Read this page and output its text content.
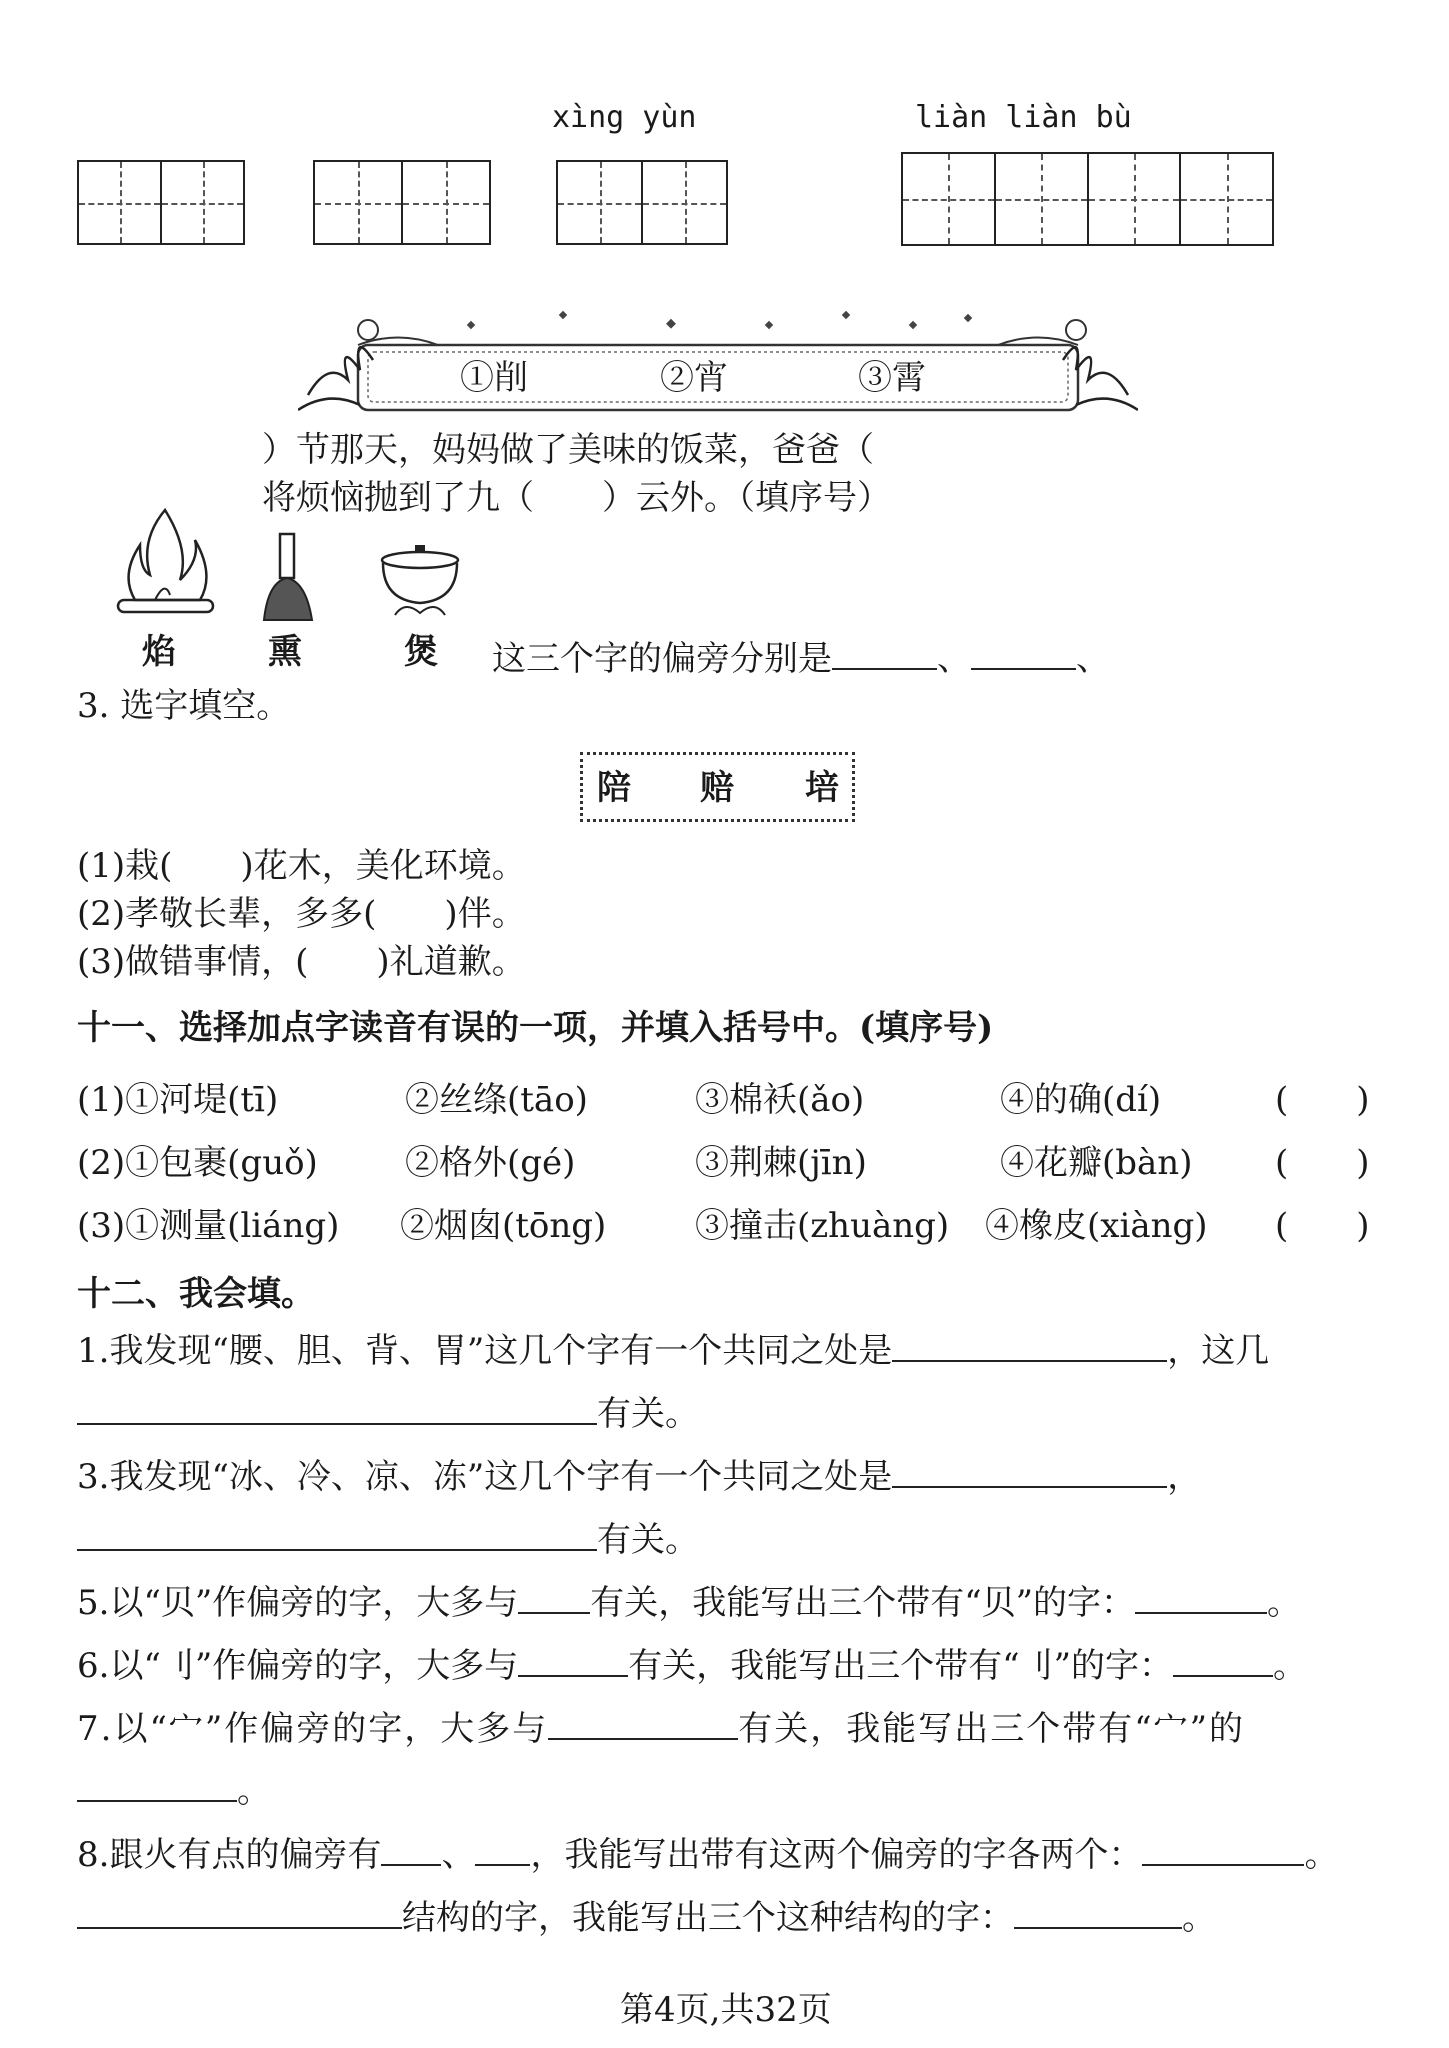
xìng yùn	liàn liàn bù
①削	②宵	③霄
）节那天，妈妈做了美味的饭菜，爸爸（
将烦恼抛到了九（　　）云外。（填序号）
焰	熏	煲 这三个字的偏旁分别是	、	、
3. 选字填空。
陪 赔 培
(1)栽(　　)花木，美化环境。
(2)孝敬长辈，多多(　　)伴。
(3)做错事情，(　　)礼道歉。
十一、选择加点字读音有误的一项，并填入括号中。(填序号)
(1)①河堤(tī)	②丝绦(tāo)	③棉袄(ǎo)	④的确(dí)	(　　)
(2)①包裹(guǒ)	②格外(gé)	③荆棘(jīn)	④花瓣(bàn) (　　)
(3)①测量(liáng) ②烟囱(tōng)	③撞击(zhuàng) ④橡皮(xiàng) (　　)
十二、我会填。
1.我发现“腰、胆、背、胃”这几个字有一个共同之处是	，这几
有关。
3.我发现“冰、冷、凉、冻”这几个字有一个共同之处是	，
有关。
5.以“贝”作偏旁的字，大多与 有关，我能写出三个带有“贝”的字：	。
6.以“刂”作偏旁的字，大多与	有关，我能写出三个带有“刂”的字：	。
7.以“宀”作偏旁的字，大多与	有关，我能写出三个带有“宀”的
。
8.跟火有点的偏旁有 、 ，我能写出带有这两个偏旁的字各两个：	。
结构的字，我能写出三个这种结构的字：	。
第4页,共32页
